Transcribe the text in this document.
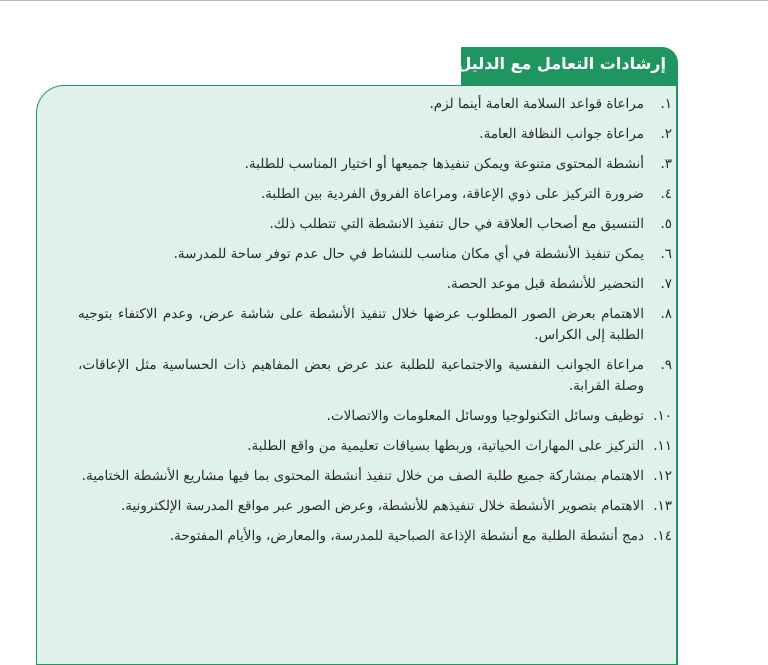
إرشادات التعامل مع الدليل
١.
مراعاة قواعد السلامة العامة أينما لزم.
٢.
مراعاة جوانب النظافة العامة.
٣.
أنشطة المحتوى متنوعة ويمكن تنفيذها جميعها أو اختيار المناسب للطلبة.
٤.
ضرورة التركيز على ذوي الإعاقة، ومراعاة الفروق الفردية بين الطلبة.
٥.
التنسيق مع أصحاب العلاقة في حال تنفيذ الانشطة التي تتطلب ذلك.
٦.
يمكن تنفيذ الأنشطة في أي مكان مناسب للنشاط في حال عدم توفر ساحة للمدرسة.
٧.
التحضير للأنشطة قبل موعد الحصة.
٨.
الاهتمام بعرض الصور المطلوب عرضها خلال تنفيذ الأنشطة على شاشة عرض، وعدم الاكتفاء بتوجيه الطلبة إلى الكراس.
٩.
مراعاة الجوانب النفسية والاجتماعية للطلبة عند عرض بعض المفاهيم ذات الحساسية مثل الإعاقات، وصلة القرابة.
١٠.
توظيف وسائل التكنولوجيا ووسائل المعلومات والاتصالات.
١١.
التركيز على المهارات الحياتية، وربطها بسياقات تعليمية من واقع الطلبة.
١٢.
الاهتمام بمشاركة جميع طلبة الصف من خلال تنفيذ أنشطة المحتوى بما فيها مشاريع الأنشطة الختامية.
١٣.
الاهتمام بتصوير الأنشطة خلال تنفيذهم للأنشطة، وعرض الصور عبر مواقع المدرسة الإلكترونية.
١٤.
دمج أنشطة الطلبة مع أنشطة الإذاعة الصباحية للمدرسة، والمعارض، والأيام المفتوحة.
